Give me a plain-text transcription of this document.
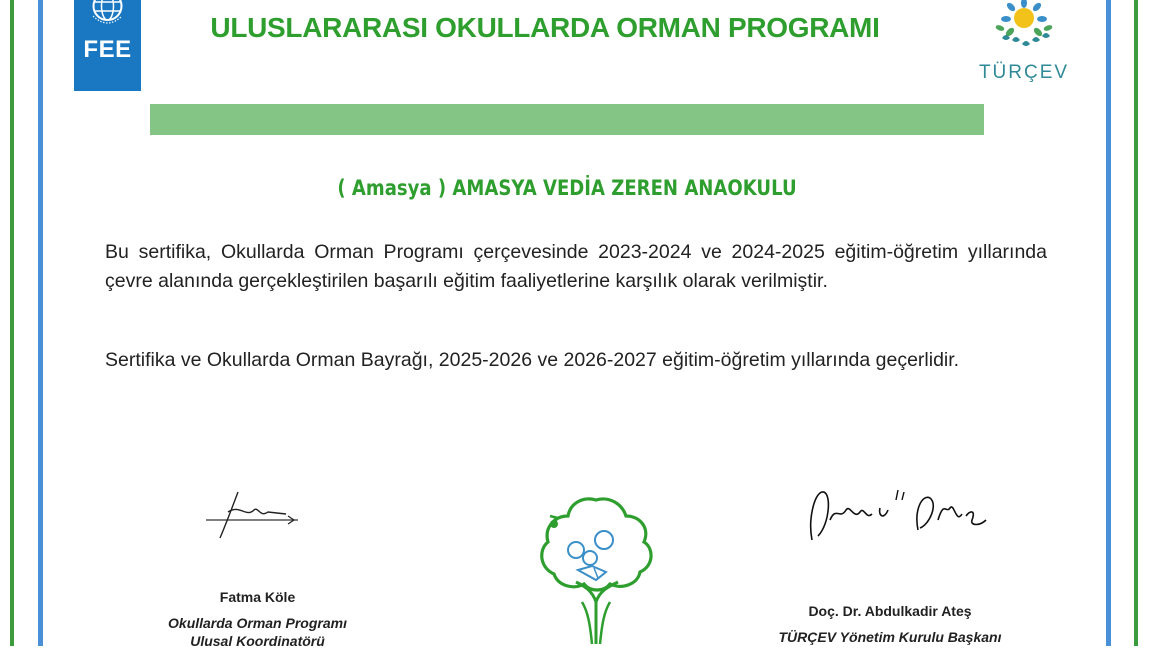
FEE
ULUSLARARASI OKULLARDA ORMAN PROGRAMI
TÜRÇEV
( Amasya ) AMASYA VEDİA ZEREN ANAOKULU
Bu sertifika, Okullarda Orman Programı çerçevesinde 2023-2024 ve 2024-2025 eğitim-öğretim yıllarında çevre alanında gerçekleştirilen başarılı eğitim faaliyetlerine karşılık olarak verilmiştir.
Sertifika ve Okullarda Orman Bayrağı, 2025-2026 ve 2026-2027 eğitim-öğretim yıllarında geçerlidir.
Fatma Köle
Okullarda Orman Programı
Ulusal Koordinatörü
Doç. Dr. Abdulkadir Ateş
TÜRÇEV Yönetim Kurulu Başkanı
